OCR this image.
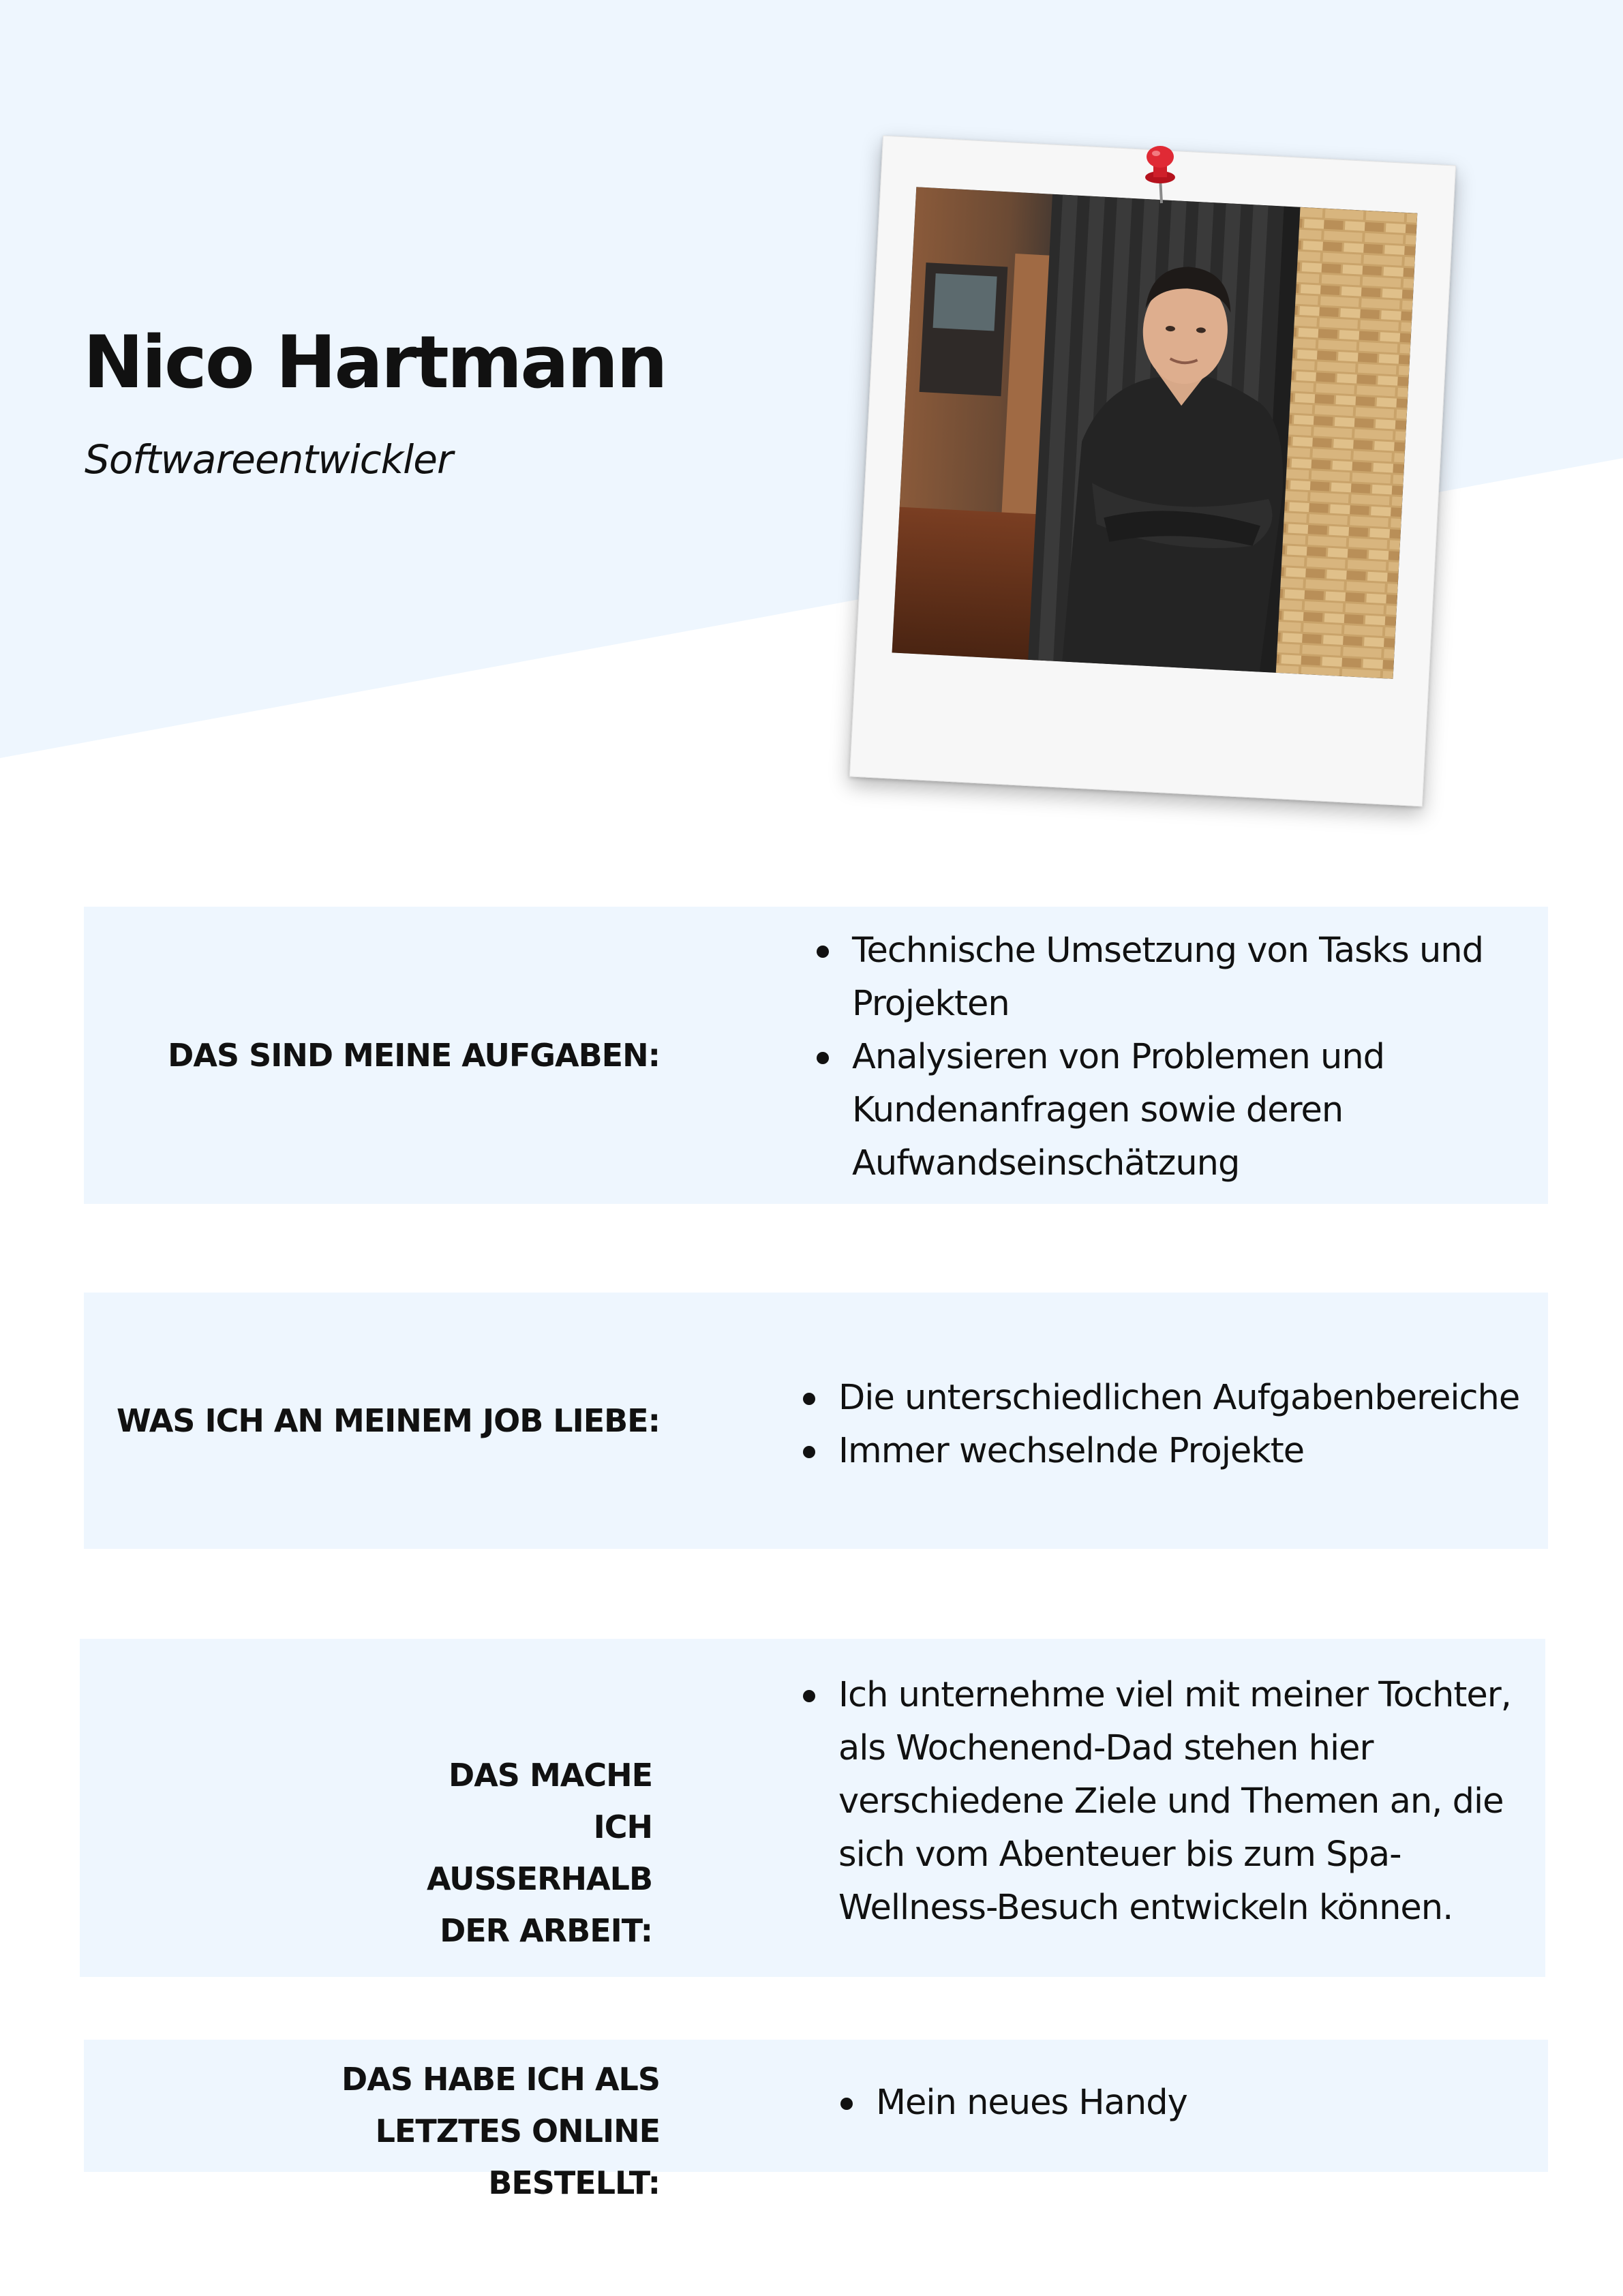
Nico Hartmann

Softwareentwickler

DAS SIND MEINE AUFGABEN:
Technische Umsetzung von Tasks und Projekten
Analysieren von Problemen und Kundenanfragen sowie deren Aufwandseinschätzung
WAS ICH AN MEINEM JOB LIEBE:
Die unterschiedlichen Aufgabenbereiche
Immer wechselnde Projekte
DAS MACHE ICH AUSSERHALB DER ARBEIT:
Ich unternehme viel mit meiner Tochter, als Wochenend-Dad stehen hier verschiedene Ziele und Themen an, die sich vom Abenteuer bis zum Spa-Wellness-Besuch entwickeln können.
DAS HABE ICH ALS LETZTES ONLINE BESTELLT:
Mein neues Handy
